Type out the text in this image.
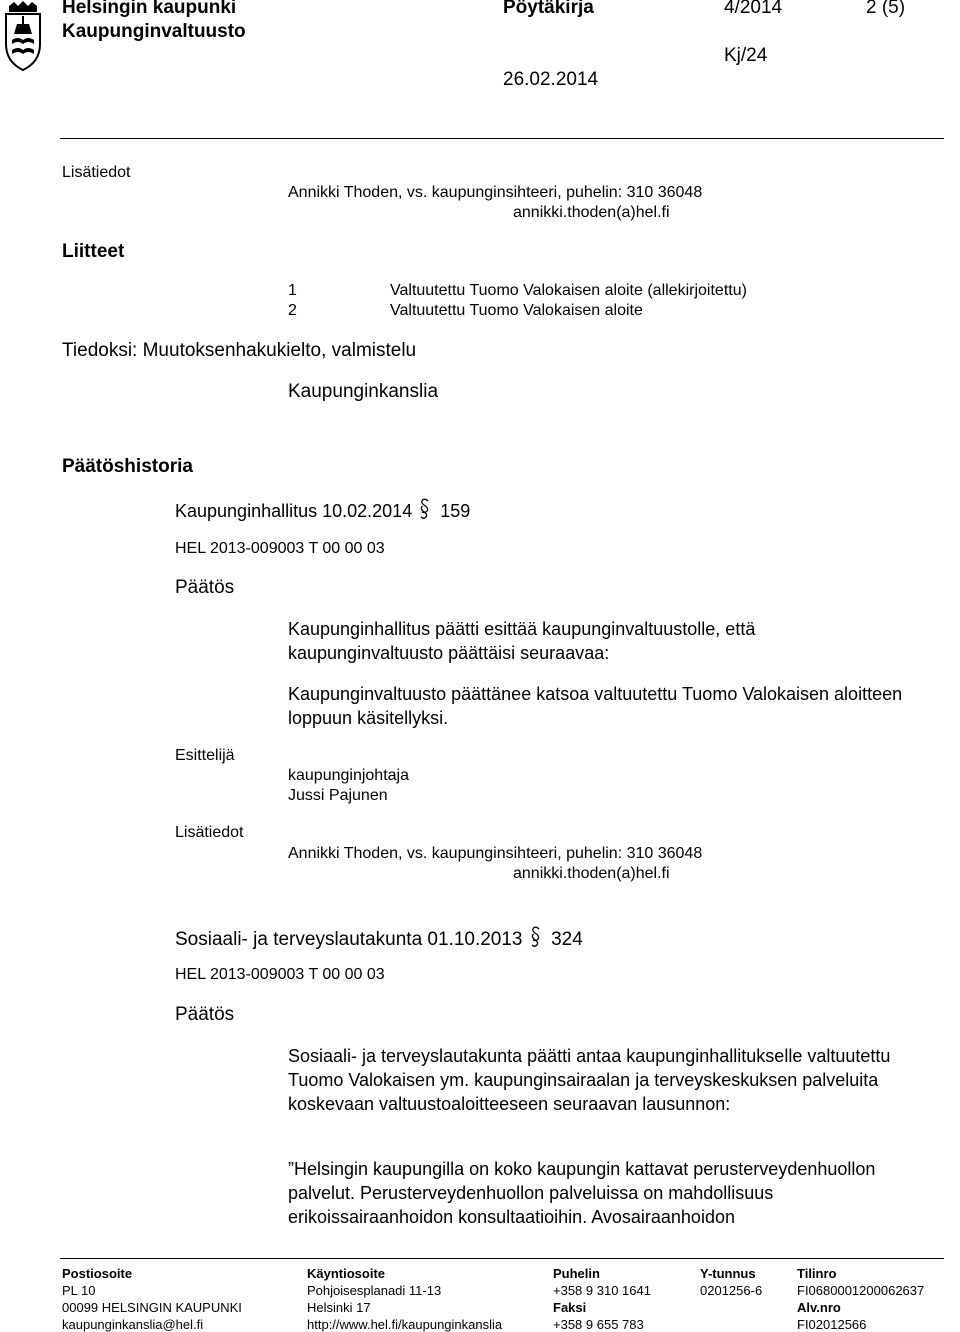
Helsingin kaupunki
Kaupunginvaltuusto
Pöytäkirja	4/2014	2 (5)
Kj/24
26.02.2014
Lisätiedot
Annikki Thoden, vs. kaupunginsihteeri, puhelin: 310 36048
annikki.thoden(a)hel.fi
Liitteet
1	Valtuutettu Tuomo Valokaisen aloite (allekirjoitettu)
2	Valtuutettu Tuomo Valokaisen aloite
Tiedoksi: Muutoksenhakukielto, valmistelu
Kaupunginkanslia
Päätöshistoria
Kaupunginhallitus 10.02.2014 159
HEL 2013-009003 T 00 00 03
Päätös
Kaupunginhallitus päätti esittää kaupunginvaltuustolle, että kaupunginvaltuusto päättäisi seuraavaa:
Kaupunginvaltuusto päättänee katsoa valtuutettu Tuomo Valokaisen aloitteen loppuun käsitellyksi.
Esittelijä
kaupunginjohtaja
Jussi Pajunen
Lisätiedot
Annikki Thoden, vs. kaupunginsihteeri, puhelin: 310 36048
annikki.thoden(a)hel.fi
Sosiaali- ja terveyslautakunta 01.10.2013 324
HEL 2013-009003 T 00 00 03
Päätös
Sosiaali- ja terveyslautakunta päätti antaa kaupunginhallitukselle valtuutettu Tuomo Valokaisen ym. kaupunginsairaalan ja terveyskeskuksen palveluita koskevaan valtuustoaloitteeseen seuraavan lausunnon:
”Helsingin kaupungilla on koko kaupungin kattavat perusterveydenhuollon palvelut. Perusterveydenhuollon palveluissa on mahdollisuus erikoissairaanhoidon konsultaatioihin. Avosairaanhoidon
Postiosoite
PL 10
00099 HELSINGIN KAUPUNKI
kaupunginkanslia@hel.fi
Käyntiosoite
Pohjoisesplanadi 11-13
Helsinki 17
http://www.hel.fi/kaupunginkanslia
Puhelin
+358 9 310 1641
Faksi
+358 9 655 783
Y-tunnus
0201256-6
Tilinro
FI0680001200062637
Alv.nro
FI02012566
